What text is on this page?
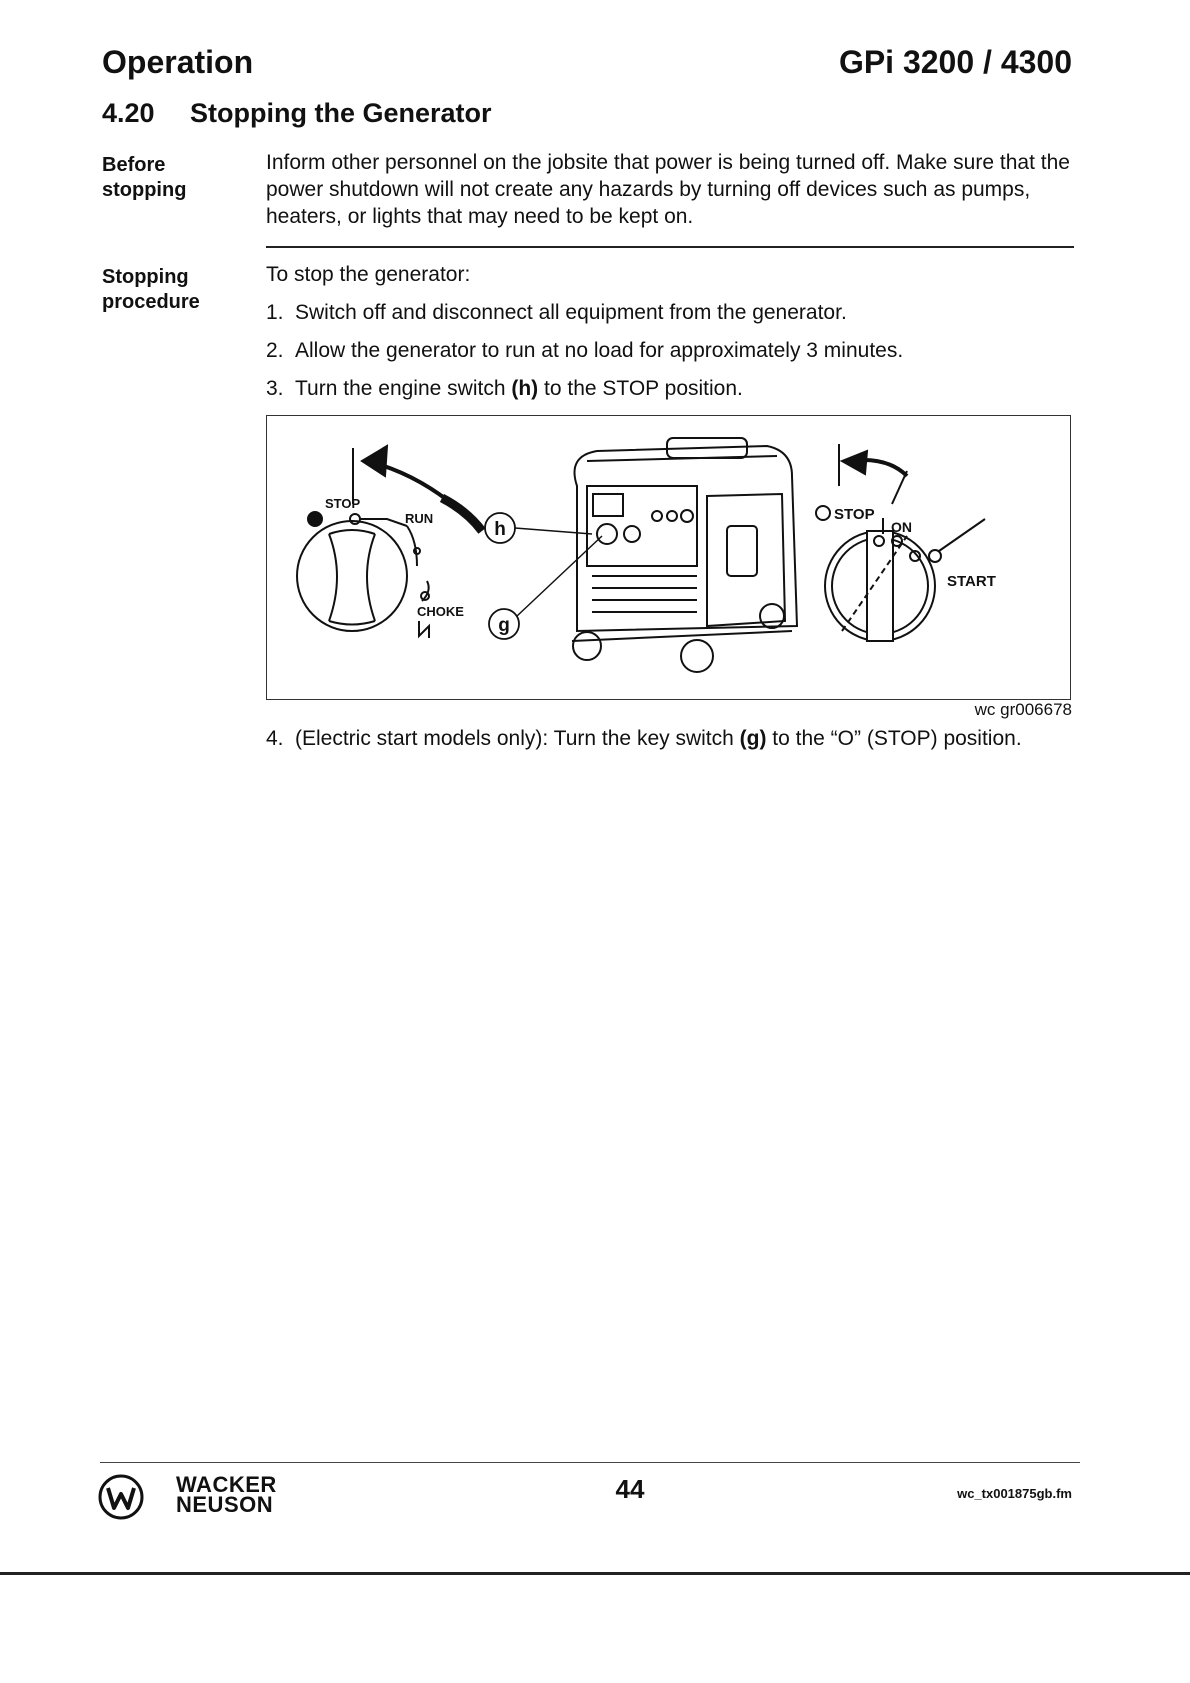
Operation	GPi 3200 / 4300
4.20 Stopping the Generator
Before
stopping
Inform other personnel on the jobsite that power is being turned off. Make sure that the power shutdown will not create any hazards by turning off devices such as pumps, heaters, or lights that may need to be kept on.
Stopping
procedure
To stop the generator:
1. Switch off and disconnect all equipment from the generator.
2. Allow the generator to run at no load for approximately 3 minutes.
3. Turn the engine switch (h) to the STOP position.
STOP
RUN
CHOKE
h
g
STOP
ON
START
wc gr006678
4. (Electric start models only): Turn the key switch (g) to the “O” (STOP) position.
WACKER
NEUSON
44	wc_tx001875gb.fm
